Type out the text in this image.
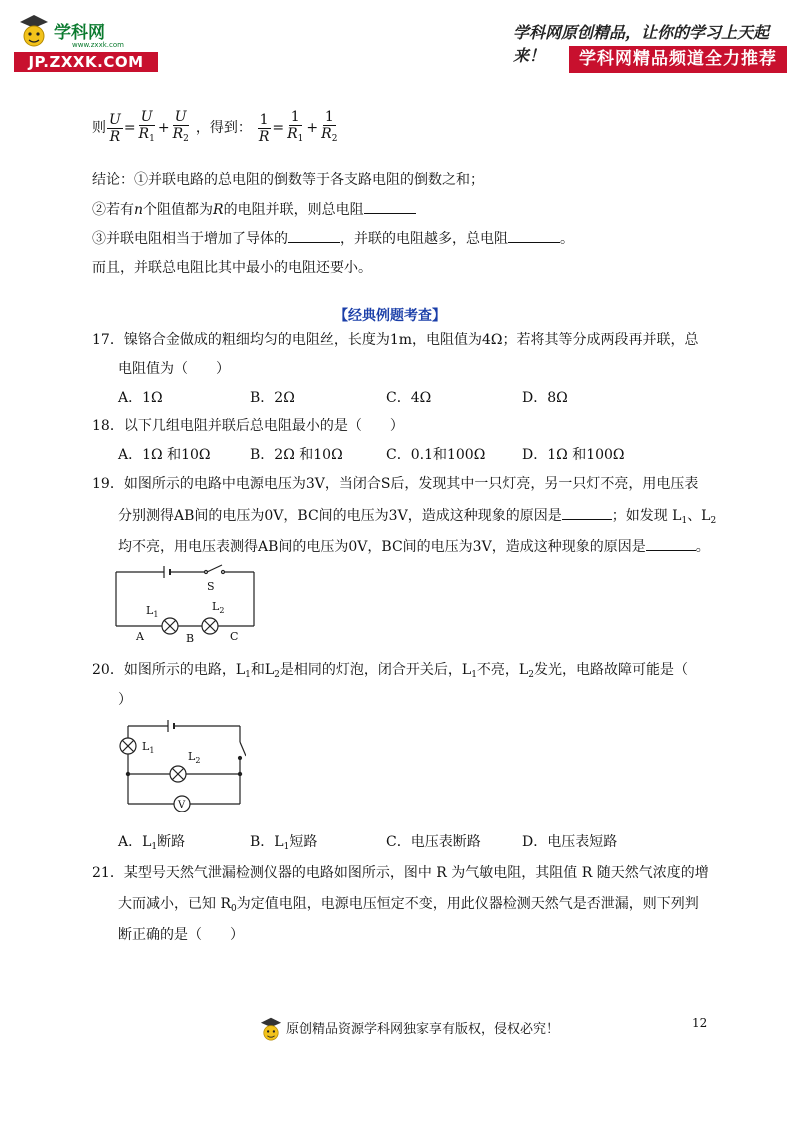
学科网
www.zxxk.com
JP.ZXXK.COM
学科网原创精品，让你的学习上天起来！	学科网精品频道全力推荐
则 $\frac{U}{R} = \frac{U}{R_1} + \frac{U}{R_2}$ ，得到： $\frac{1}{R} = \frac{1}{R_1} + \frac{1}{R_2}$
结论：①并联电路的总电阻的倒数等于各支路电阻的倒数之和；
②若有n个阻值都为R的电阻并联，则总电阻
③并联电阻相当于增加了导体的	，并联的电阻越多，总电阻	。
而且，并联总电阻比其中最小的电阻还要小。
【经典例题考查】
17．镍铬合金做成的粗细均匀的电阻丝，长度为1m，电阻值为4Ω；若将其等分成两段再并联，总
电阻值为（　　）
A．1Ω	B．2Ω	C．4Ω	D．8Ω
18．以下几组电阻并联后总电阻最小的是（　　）
A．1Ω 和10Ω	B．2Ω 和10Ω	C．0.1和100Ω	D．1Ω 和100Ω
19．如图所示的电路中电源电压为3V，当闭合S后，发现其中一只灯亮，另一只灯不亮，用电压表
分别测得AB间的电压为0V，BC间的电压为3V，造成这种现象的原因是	；如发现 $L_1$、$L_2$
均不亮，用电压表测得AB间的电压为0V，BC间的电压为3V，造成这种现象的原因是	。
S
$L_1$
$L_2$
A	B	C
20．如图所示的电路，$L_1$和$L_2$是相同的灯泡，闭合开关后，$L_1$不亮，$L_2$发光，电路故障可能是（
）
$L_1$	$L_2$
V
A．$L_1$断路	B．$L_1$短路	C．电压表断路	D．电压表短路
21．某型号天然气泄漏检测仪器的电路如图所示，图中 R 为气敏电阻，其阻值 R 随天然气浓度的增
大而减小，已知 $R_0$为定值电阻，电源电压恒定不变，用此仪器检测天然气是否泄漏，则下列判
断正确的是（　　）
12
原创精品资源学科网独家享有版权，侵权必究！
